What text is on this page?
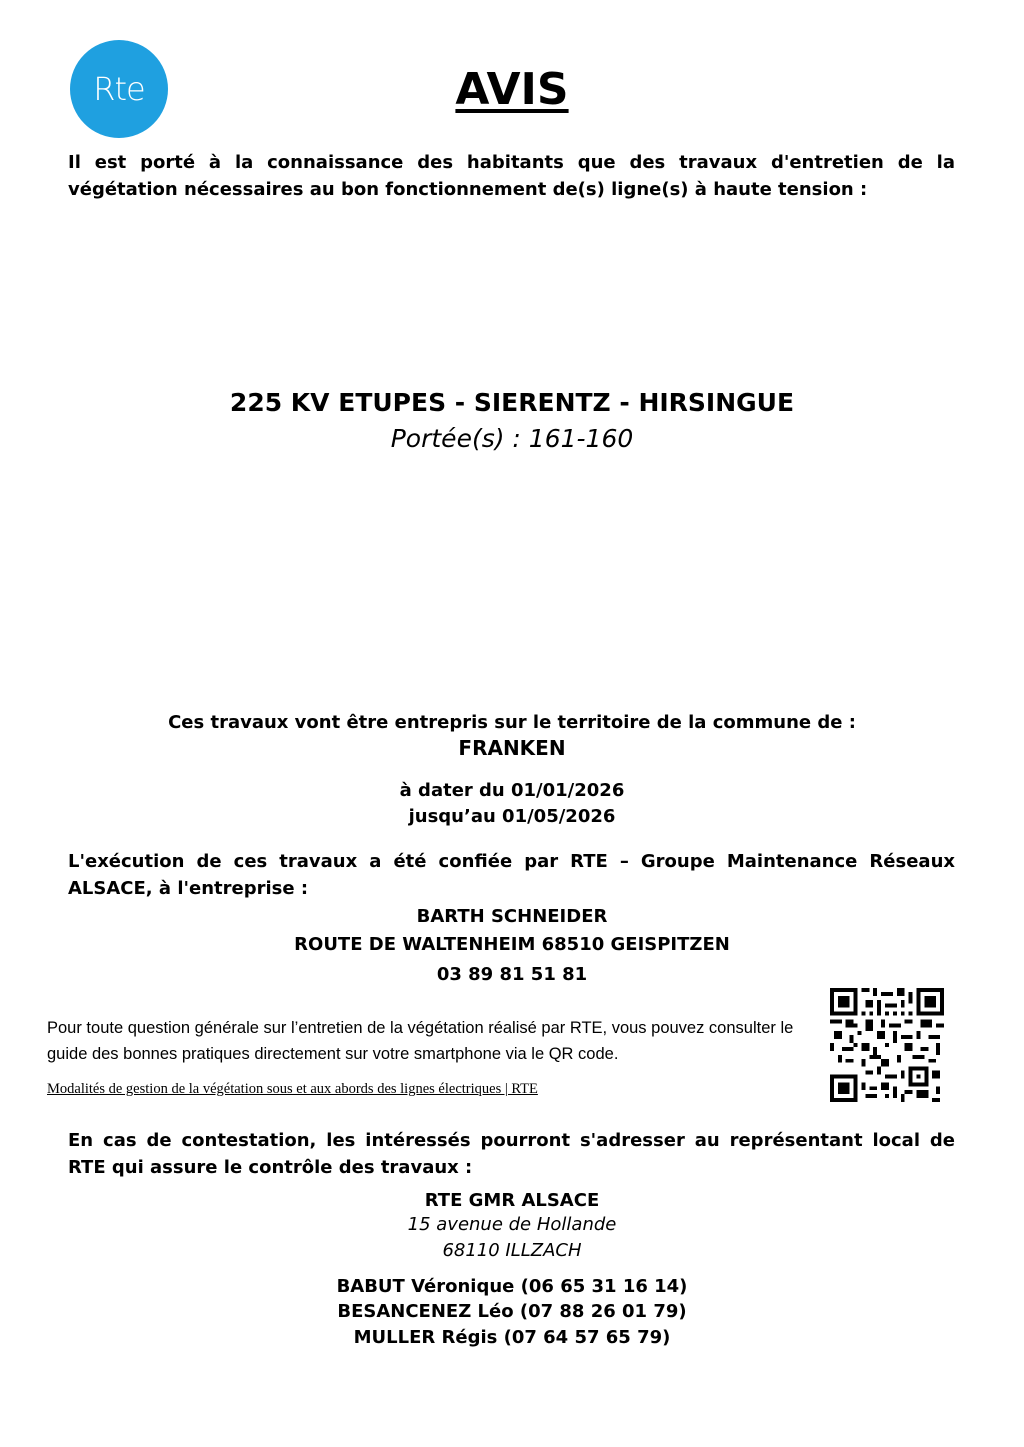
Rte	AVIS
Il est porté à la connaissance des habitants que des travaux d'entretien de la végétation nécessaires au bon fonctionnement de(s) ligne(s) à haute tension :
225 KV ETUPES - SIERENTZ - HIRSINGUE
Portée(s) : 161-160
Ces travaux vont être entrepris sur le territoire de la commune de :
FRANKEN
à dater du 01/01/2026
jusqu’au 01/05/2026
L'exécution de ces travaux a été confiée par RTE – Groupe Maintenance Réseaux ALSACE, à l'entreprise :
BARTH SCHNEIDER
ROUTE DE WALTENHEIM 68510 GEISPITZEN
03 89 81 51 81
Pour toute question générale sur l’entretien de la végétation réalisé par RTE, vous pouvez consulter le guide des bonnes pratiques directement sur votre smartphone via le QR code.
Modalités de gestion de la végétation sous et aux abords des lignes électriques | RTE
En cas de contestation, les intéressés pourront s'adresser au représentant local de RTE qui assure le contrôle des travaux :
RTE GMR ALSACE
15 avenue de Hollande
68110 ILLZACH
BABUT Véronique (06 65 31 16 14)
BESANCENEZ Léo (07 88 26 01 79)
MULLER Régis (07 64 57 65 79)
